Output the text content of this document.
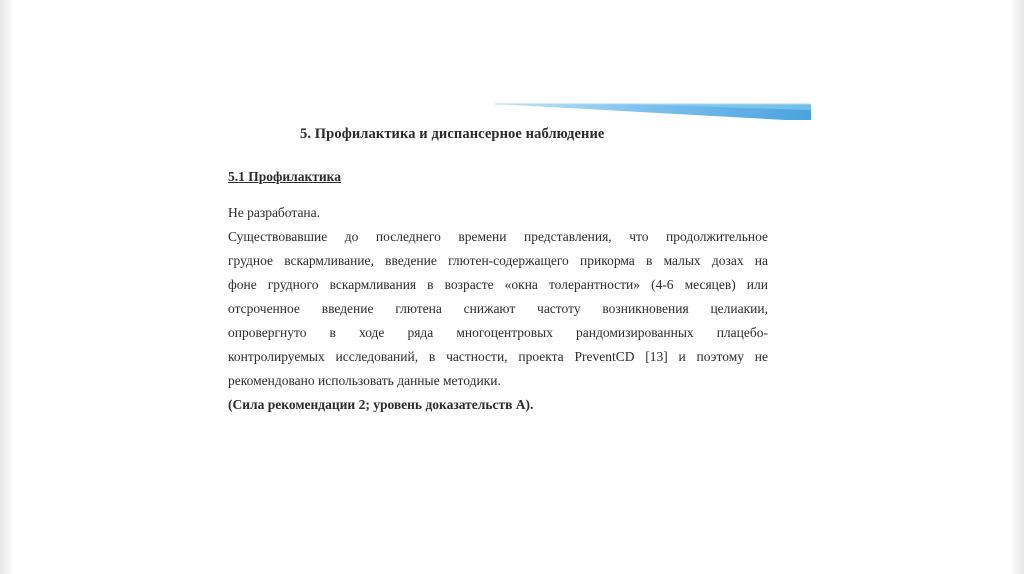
5. Профилактика и диспансерное наблюдение
5.1 Профилактика

Не разработана.

Существовавшие до последнего времени представления, что продолжительное

грудное вскармливание, введение глютен-содержащего прикорма в малых дозах на

фоне грудного вскармливания в возрасте «окна толерантности» (4-6 месяцев) или

отсроченное введение глютена снижают частоту возникновения целиакии,

опровергнуто в ходе ряда многоцентровых рандомизированных плацебо-

контролируемых исследований, в частности, проекта PreventCD [13] и поэтому не

рекомендовано использовать данные методики.

(Сила рекомендации 2; уровень доказательств А).
